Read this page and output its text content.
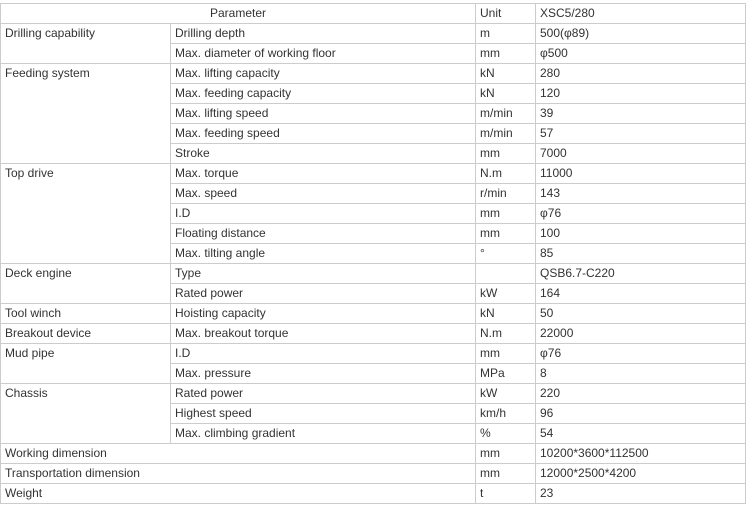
Parameter		Unit	XSC5/280
Drilling capability	Drilling depth	m	500(φ89)
	Max. diameter of working floor	mm	φ500
Feeding system	Max. lifting capacity	kN	280
	Max. feeding capacity	kN	120
	Max. lifting speed	m/min	39
	Max. feeding speed	m/min	57
	Stroke	mm	7000
Top drive	Max. torque	N.m	11000
	Max. speed	r/min	143
	I.D	mm	φ76
	Floating distance	mm	100
	Max. tilting angle	°	85
Deck engine	Type		QSB6.7-C220
	Rated power	kW	164
Tool winch	Hoisting capacity	kN	50
Breakout device	Max. breakout torque	N.m	22000
Mud pipe	I.D	mm	φ76
	Max. pressure	MPa	8
Chassis	Rated power	kW	220
	Highest speed	km/h	96
	Max. climbing gradient	%	54
Working dimension		mm	10200*3600*112500
Transportation dimension		mm	12000*2500*4200
Weight		t	23
